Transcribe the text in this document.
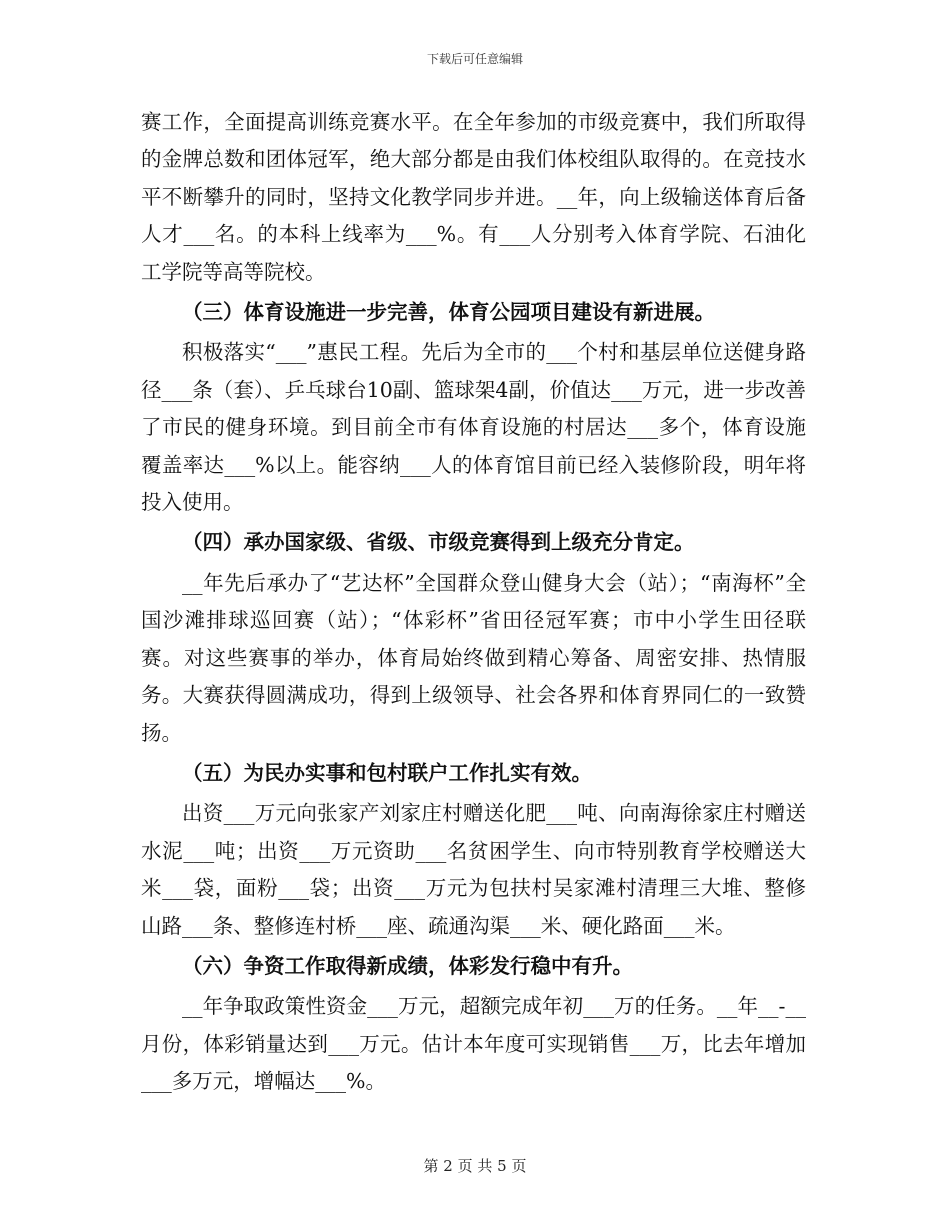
下载后可任意编辑

赛工作，全面提高训练竞赛水平。在全年参加的市级竞赛中，我们所取得的金牌总数和团体冠军，绝大部分都是由我们体校组队取得的。在竞技水平不断攀升的同时，坚持文化教学同步并进。__年，向上级输送体育后备人才___名。的本科上线率为___%。有___人分别考入体育学院、石油化工学院等高等院校。

（三）体育设施进一步完善，体育公园项目建设有新进展。

积极落实“___”惠民工程。先后为全市的___个村和基层单位送健身路径___条（套）、乒乓球台10副、篮球架4副，价值达___万元，进一步改善了市民的健身环境。到目前全市有体育设施的村居达___多个，体育设施覆盖率达___%以上。能容纳___人的体育馆目前已经入装修阶段，明年将投入使用。

（四）承办国家级、省级、市级竞赛得到上级充分肯定。

__年先后承办了“艺达杯”全国群众登山健身大会（站）；“南海杯”全国沙滩排球巡回赛（站）；“体彩杯”省田径冠军赛；市中小学生田径联赛。对这些赛事的举办，体育局始终做到精心筹备、周密安排、热情服务。大赛获得圆满成功，得到上级领导、社会各界和体育界同仁的一致赞扬。

（五）为民办实事和包村联户工作扎实有效。

出资___万元向张家产刘家庄村赠送化肥___吨、向南海徐家庄村赠送水泥___吨；出资___万元资助___名贫困学生、向市特别教育学校赠送大米___袋，面粉___袋；出资___万元为包扶村吴家滩村清理三大堆、整修山路___条、整修连村桥___座、疏通沟渠___米、硬化路面___米。

（六）争资工作取得新成绩，体彩发行稳中有升。

__年争取政策性资金___万元，超额完成年初___万的任务。__年__-__月份，体彩销量达到___万元。估计本年度可实现销售___万，比去年增加___多万元，增幅达___%。

第 2 页 共 5 页
